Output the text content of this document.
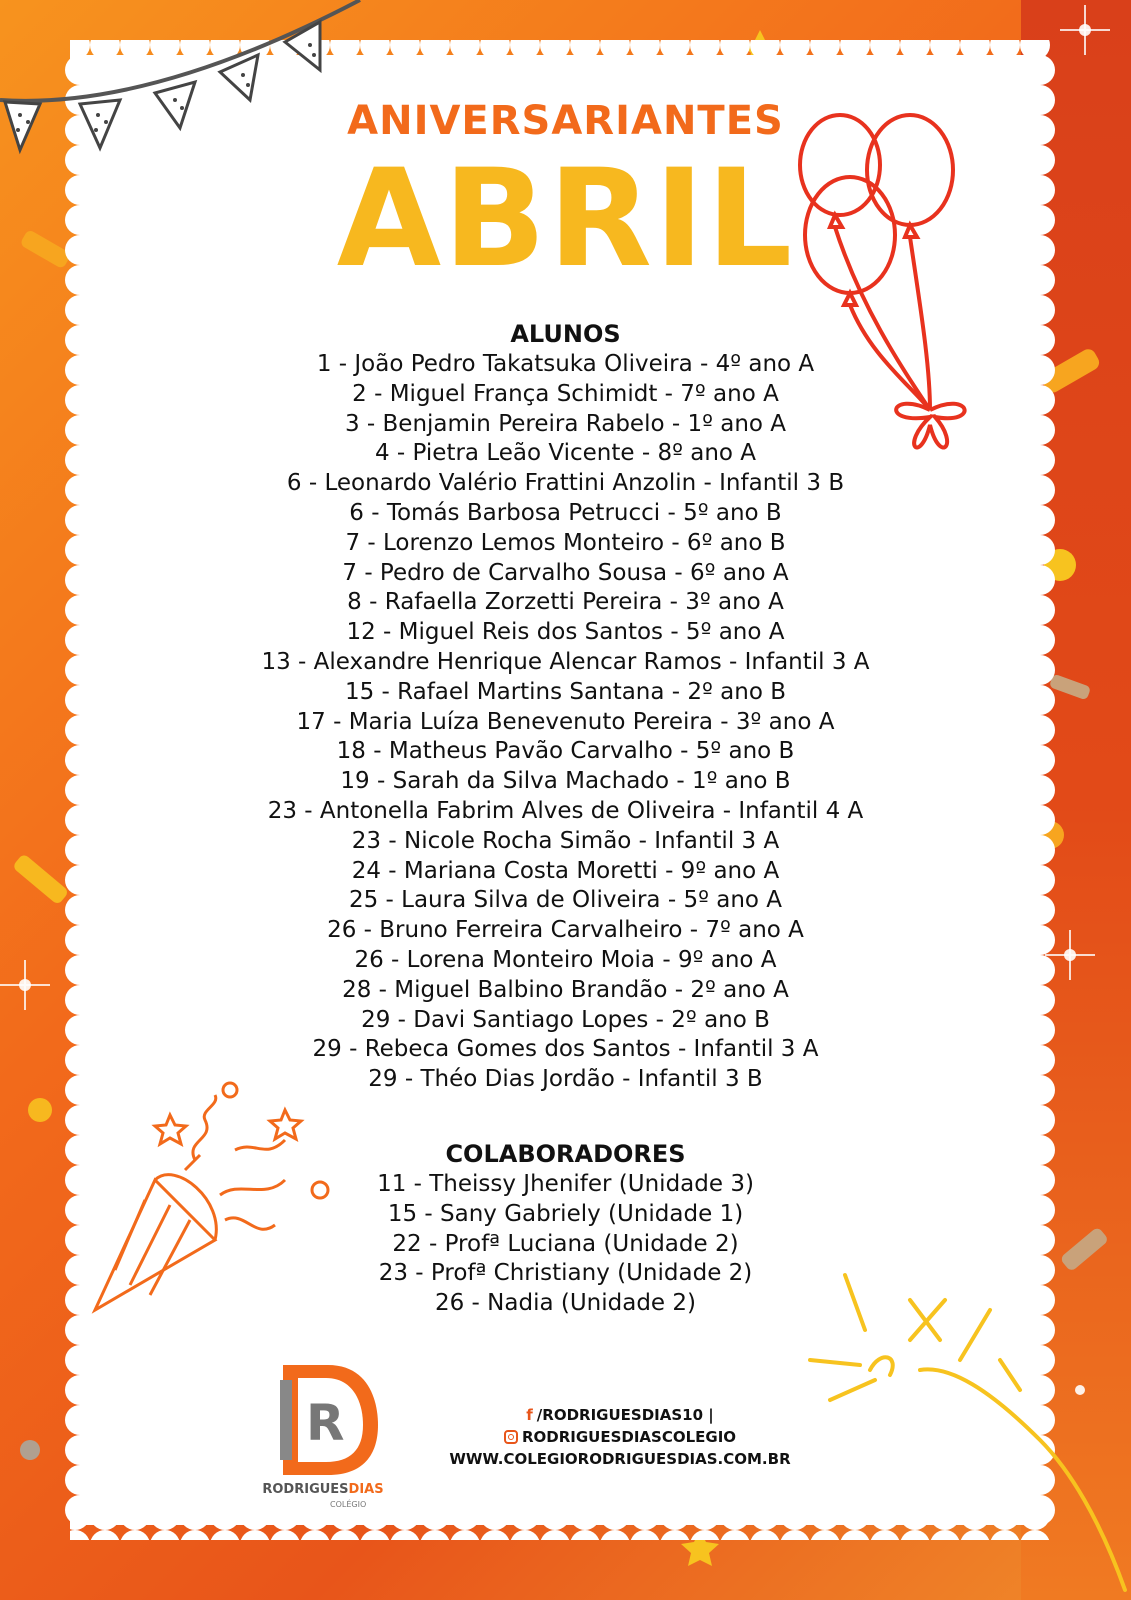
ANIVERSARIANTES
ABRIL
ALUNOS
1 - João Pedro Takatsuka Oliveira - 4º ano A
2 - Miguel França Schimidt - 7º ano A
3 - Benjamin Pereira Rabelo - 1º ano A
4 - Pietra Leão Vicente - 8º ano A
6 - Leonardo Valério Frattini Anzolin - Infantil 3 B
6 - Tomás Barbosa Petrucci - 5º ano B
7 - Lorenzo Lemos Monteiro - 6º ano B
7 - Pedro de Carvalho Sousa - 6º ano A
8 - Rafaella Zorzetti Pereira - 3º ano A
12 - Miguel Reis dos Santos - 5º ano A
13 - Alexandre Henrique Alencar Ramos - Infantil 3 A
15 - Rafael Martins Santana - 2º ano B
17 - Maria Luíza Benevenuto Pereira - 3º ano A
18 - Matheus Pavão Carvalho - 5º ano B
19 - Sarah da Silva Machado - 1º ano B
23 - Antonella Fabrim Alves de Oliveira - Infantil 4 A
23 - Nicole Rocha Simão - Infantil 3 A
24 - Mariana Costa Moretti - 9º ano A
25 - Laura Silva de Oliveira - 5º ano A
26 - Bruno Ferreira Carvalheiro - 7º ano A
26 - Lorena Monteiro Moia - 9º ano A
28 - Miguel Balbino Brandão - 2º ano A
29 - Davi Santiago Lopes - 2º ano B
29 - Rebeca Gomes dos Santos - Infantil 3 A
29 - Théo Dias Jordão - Infantil 3 B
COLABORADORES
11 - Theissy Jhenifer (Unidade 3)
15 - Sany Gabriely (Unidade 1)
22 - Profª Luciana (Unidade 2)
23 - Profª Christiany (Unidade 2)
26 - Nadia (Unidade 2)
R
RODRIGUESDIAS
COLÉGIO
f /RODRIGUESDIAS10 |
RODRIGUESDIASCOLEGIO
WWW.COLEGIORODRIGUESDIAS.COM.BR
